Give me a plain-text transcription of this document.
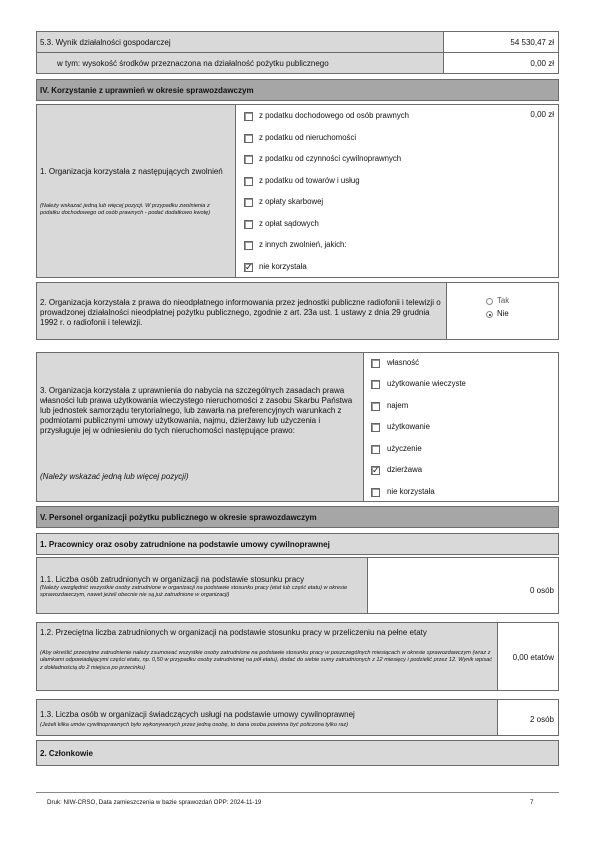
5.3. Wynik działalności gospodarczej	54 530,47 zł
w tym: wysokość środków przeznaczona na działalność pożytku publicznego	0,00 zł
IV. Korzystanie z uprawnień w okresie sprawozdawczym
1. Organizacja korzystała z następujących zwolnień
(Należy wskazać jedną lub więcej pozycji. W przypadku zwolnienia z podatku dochodowego od osób prawnych - podać dodatkowo kwotę)
0,00 zł
z podatku dochodowego od osób prawnych
z podatku od nieruchomości
z podatku od czynności cywilnoprawnych
z podatku od towarów i usług
z opłaty skarbowej
z opłat sądowych
z innych zwolnień, jakich:
✓ nie korzystała
2. Organizacja korzystała z prawa do nieodpłatnego informowania przez jednostki publiczne radiofonii i telewizji o prowadzonej działalności nieodpłatnej pożytku publicznego, zgodnie z art. 23a ust. 1 ustawy z dnia 29 grudnia 1992 r. o radiofonii i telewizji.
Tak
Nie
3. Organizacja korzystała z uprawnienia do nabycia na szczególnych zasadach prawa własności lub prawa użytkowania wieczystego nieruchomości z zasobu Skarbu Państwa lub jednostek samorządu terytorialnego, lub zawarła na preferencyjnych warunkach z podmiotami publicznymi umowy użytkowania, najmu, dzierżawy lub użyczenia i przysługuje jej w odniesieniu do tych nieruchomości następujące prawo:
(Należy wskazać jedną lub więcej pozycji)
własność
użytkowanie wieczyste
najem
użytkowanie
użyczenie
✓ dzierżawa
nie korzystała
V. Personel organizacji pożytku publicznego w okresie sprawozdawczym
1. Pracownicy oraz osoby zatrudnione na podstawie umowy cywilnoprawnej
1.1. Liczba osób zatrudnionych w organizacji na podstawie stosunku pracy
(Należy uwzględnić wszystkie osoby zatrudnione w organizacji na podstawie stosunku pracy (etat lub część etatu) w okresie sprawozdawczym, nawet jeżeli obecnie nie są już zatrudnione w organizacji)
0 osób
1.2. Przeciętna liczba zatrudnionych w organizacji na podstawie stosunku pracy w przeliczeniu na pełne etaty
(Aby określić przeciętne zatrudnienie należy zsumować wszystkie osoby zatrudnione na podstawie stosunku pracy w poszczególnych miesiącach w okresie sprawozdawczym (wraz z ułamkami odpowiadającymi części etatu, np. 0,50 w przypadku osoby zatrudnionej na pół etatu), dodać do siebie sumy zatrudnionych z 12 miesięcy i podzielić przez 12. Wynik wpisać z dokładnością do 2 miejsca po przecinku)
0,00 etatów
1.3. Liczba osób w organizacji świadczących usługi na podstawie umowy cywilnoprawnej
(Jeżeli kilka umów cywilnoprawnych było wykonywanych przez jedną osobę, to dana osoba powinna być policzona tylko raz)
2 osób
2. Członkowie
Druk: NIW-CRSO, Data zamieszczenia w bazie sprawozdań OPP: 2024-11-19	7
